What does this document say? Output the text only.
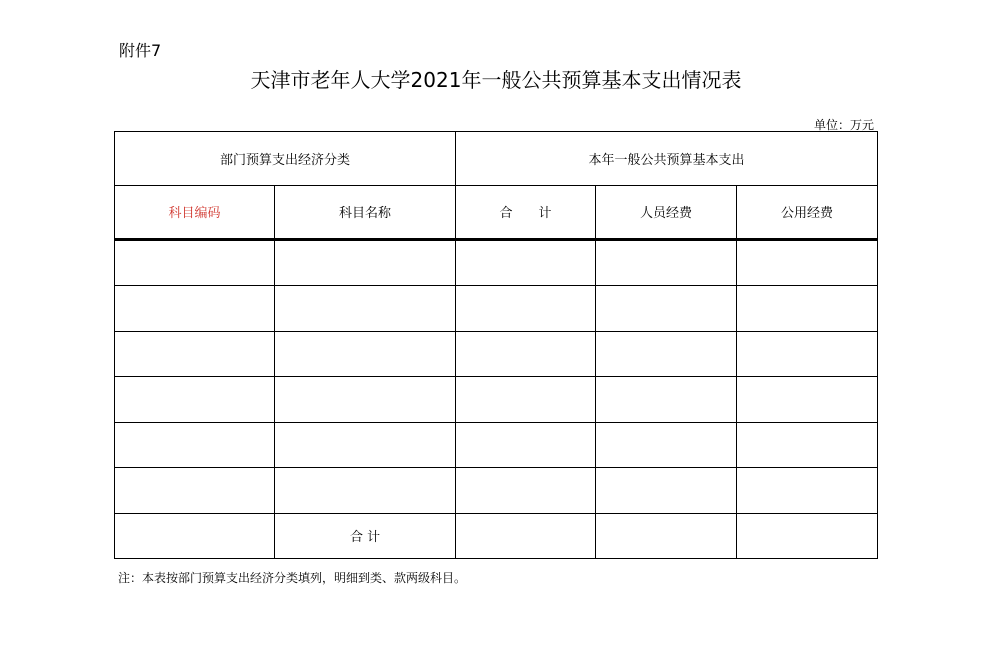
附件7
天津市老年人大学2021年一般公共预算基本支出情况表
单位：万元
部门预算支出经济分类		本年一般公共预算基本支出		
科目编码	科目名称	合　　计	人员经费	公用经费

	合 计			
注：本表按部门预算支出经济分类填列，明细到类、款两级科目。
